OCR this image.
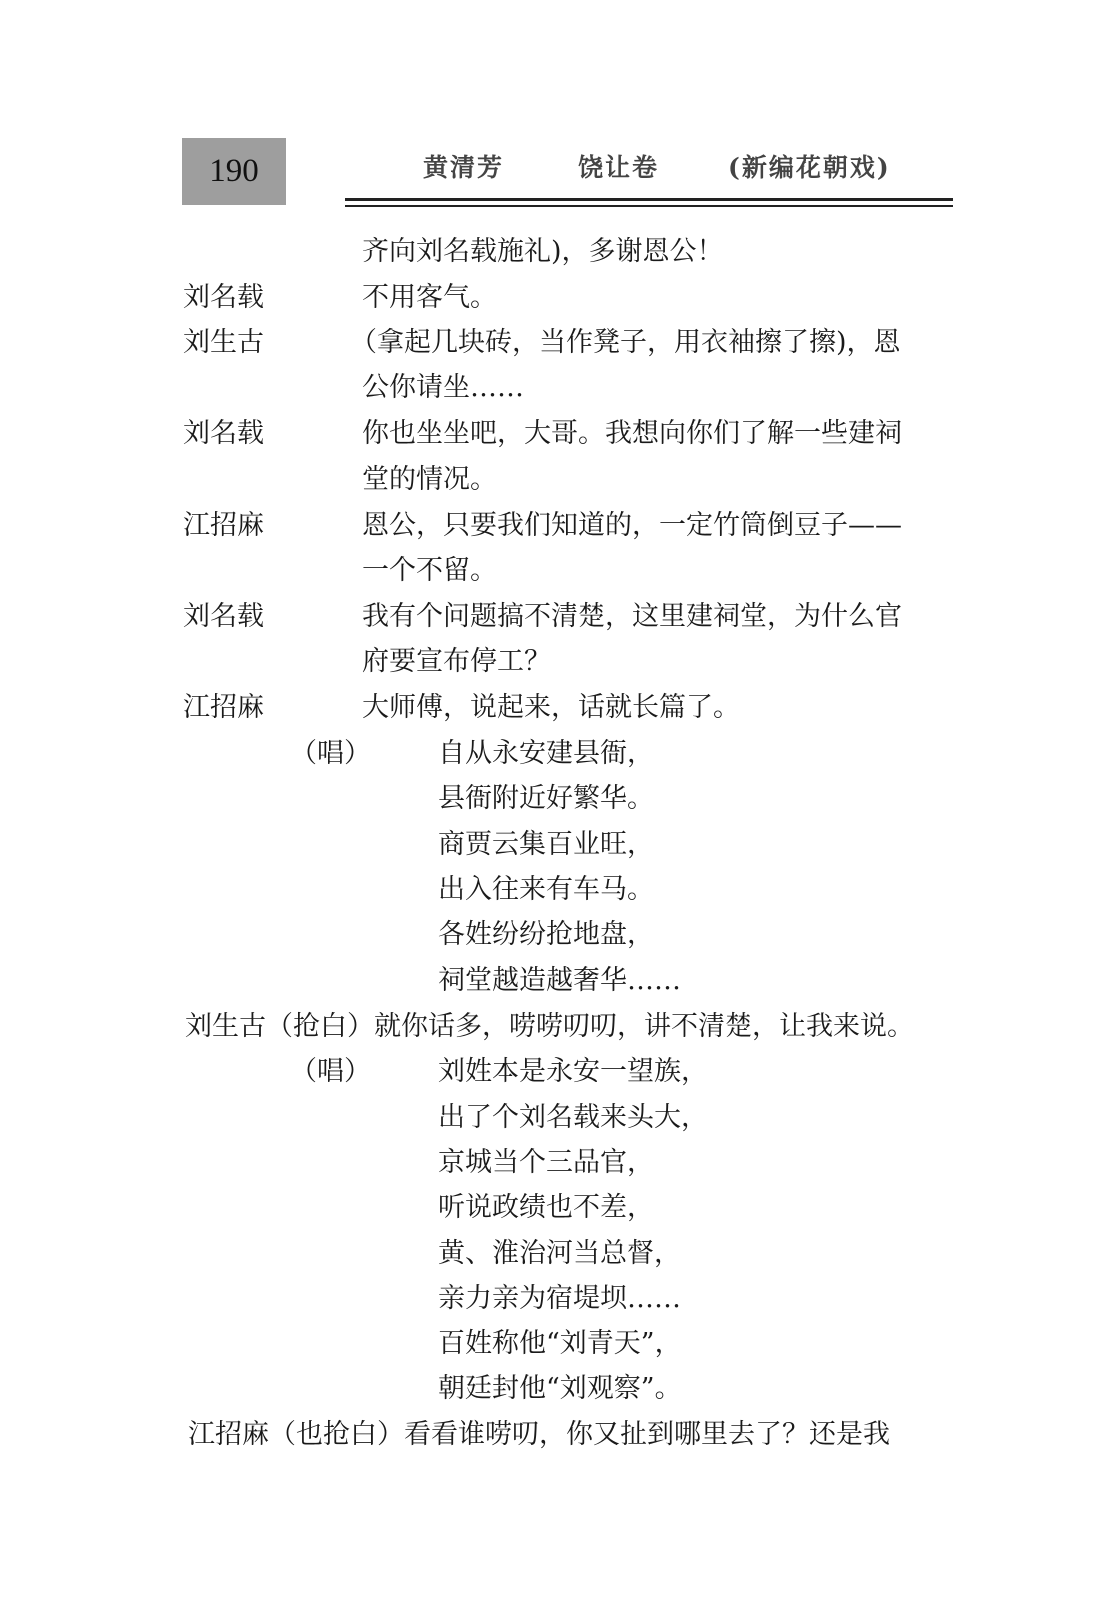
190	黄清芳	饶让卷	(新编花朝戏)
齐向刘名载施礼)，多谢恩公！
刘名载	不用客气。
刘生古	（拿起几块砖，当作凳子，用衣袖擦了擦)，恩
公你请坐……
刘名载	你也坐坐吧，大哥。我想向你们了解一些建祠
堂的情况。
江招麻	恩公，只要我们知道的，一定竹筒倒豆子——
一个不留。
刘名载	我有个问题搞不清楚，这里建祠堂，为什么官
府要宣布停工？
江招麻	大师傅，说起来，话就长篇了。
（唱） 自从永安建县衙，
县衙附近好繁华。
商贾云集百业旺，
出入往来有车马。
各姓纷纷抢地盘，
祠堂越造越奢华……
刘生古（抢白）就你话多，唠唠叨叨，讲不清楚，让我来说。
（唱） 刘姓本是永安一望族，
出了个刘名载来头大，
京城当个三品官，
听说政绩也不差，
黄、淮治河当总督，
亲力亲为宿堤坝……
百姓称他“刘青天”，
朝廷封他“刘观察”。
江招麻（也抢白）看看谁唠叨，你又扯到哪里去了？还是我
